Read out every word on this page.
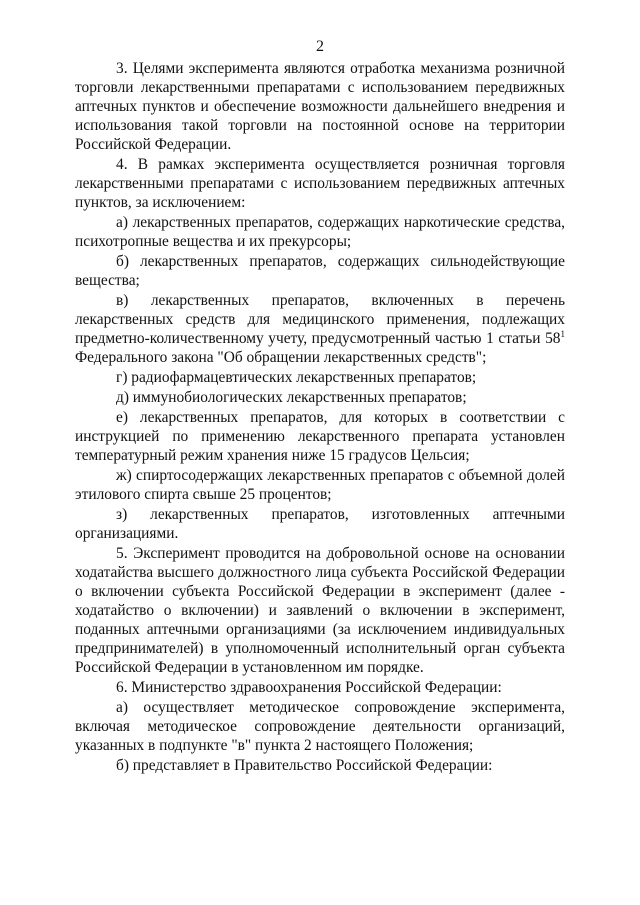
2

3. Целями эксперимента являются отработка механизма розничной торговли лекарственными препаратами с использованием передвижных аптечных пунктов и обеспечение возможности дальнейшего внедрения и использования такой торговли на постоянной основе на территории Российской Федерации.

4. В рамках эксперимента осуществляется розничная торговля лекарственными препаратами с использованием передвижных аптечных пунктов, за исключением:

а) лекарственных препаратов, содержащих наркотические средства, психотропные вещества и их прекурсоры;

б) лекарственных препаратов, содержащих сильнодействующие вещества;

в) лекарственных препаратов, включенных в перечень лекарственных средств для медицинского применения, подлежащих предметно-количественному учету, предусмотренный частью 1 статьи $58^1$ Федерального закона "Об обращении лекарственных средств";

г) радиофармацевтических лекарственных препаратов;

д) иммунобиологических лекарственных препаратов;

е) лекарственных препаратов, для которых в соответствии с инструкцией по применению лекарственного препарата установлен температурный режим хранения ниже 15 градусов Цельсия;

ж) спиртосодержащих лекарственных препаратов с объемной долей этилового спирта свыше 25 процентов;

з) лекарственных препаратов, изготовленных аптечными организациями.

5. Эксперимент проводится на добровольной основе на основании ходатайства высшего должностного лица субъекта Российской Федерации о включении субъекта Российской Федерации в эксперимент (далее - ходатайство о включении) и заявлений о включении в эксперимент, поданных аптечными организациями (за исключением индивидуальных предпринимателей) в уполномоченный исполнительный орган субъекта Российской Федерации в установленном им порядке.

6. Министерство здравоохранения Российской Федерации:

а) осуществляет методическое сопровождение эксперимента, включая методическое сопровождение деятельности организаций, указанных в подпункте "в" пункта 2 настоящего Положения;

б) представляет в Правительство Российской Федерации:
